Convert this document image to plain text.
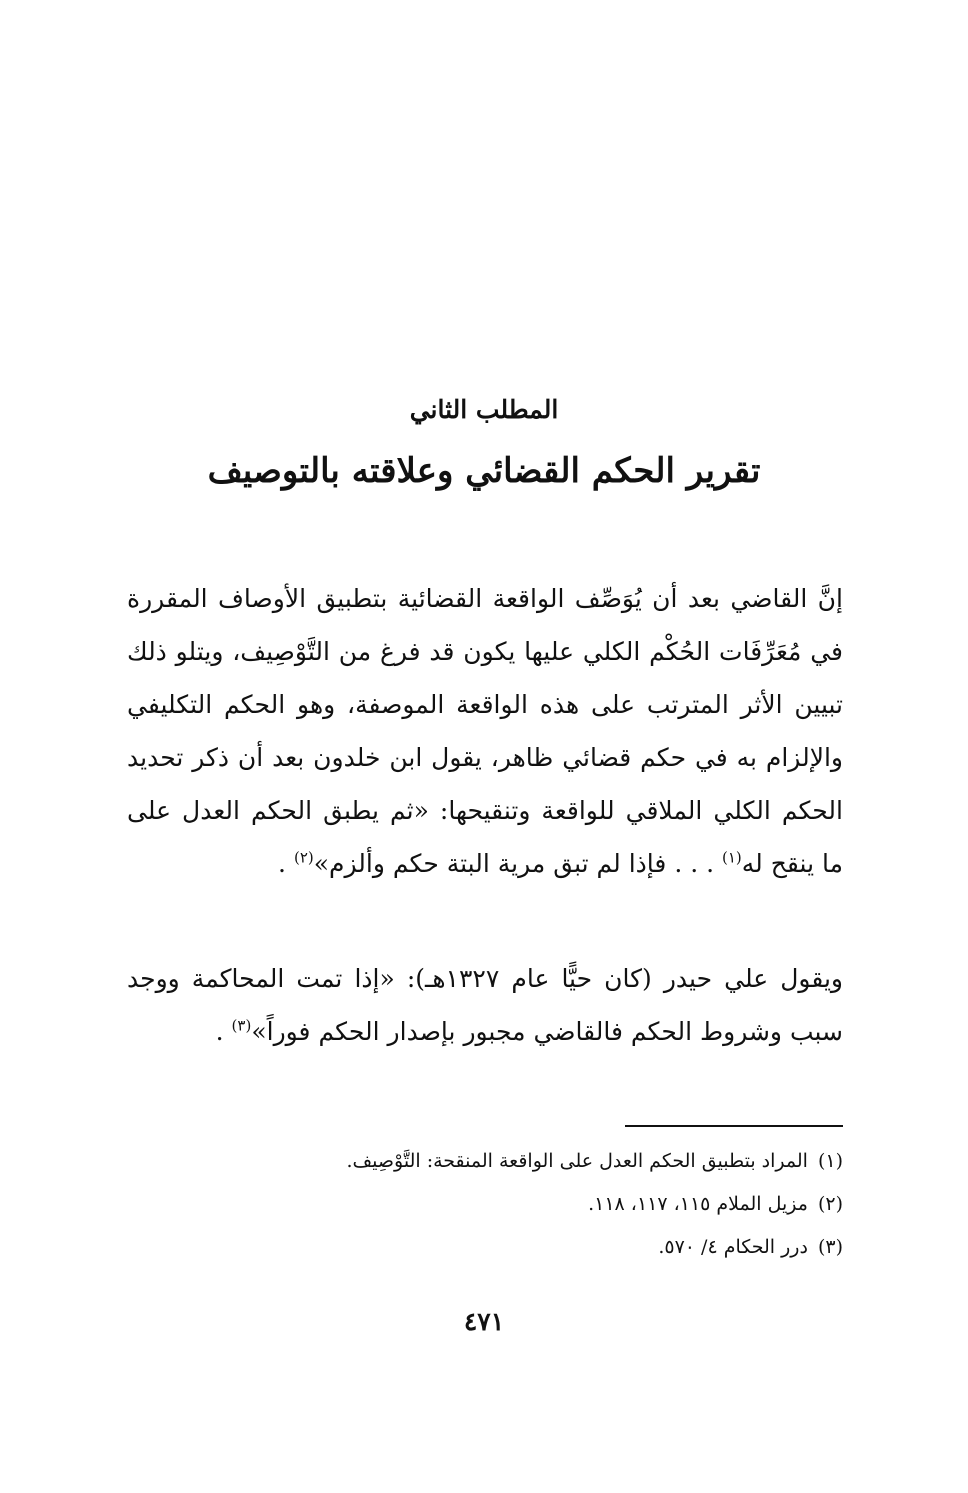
المطلب الثاني
تقرير الحكم القضائي وعلاقته بالتوصيف

إنَّ القاضي بعد أن يُوَصِّف الواقعة القضائية بتطبيق الأوصاف المقررة في مُعَرِّفَات الحُكْم الكلي عليها يكون قد فرغ من التَّوْصِيف، ويتلو ذلك تبيين الأثر المترتب على هذه الواقعة الموصفة، وهو الحكم التكليفي والإلزام به في حكم قضائي ظاهر، يقول ابن خلدون بعد أن ذكر تحديد الحكم الكلي الملاقي للواقعة وتنقيحها: «ثم يطبق الحكم العدل على ما ينقح له$^{(١)}$ . . . فإذا لم تبق مرية البتة حكم وألزم»$^{(٢)}$ .

ويقول علي حيدر (كان حيًّا عام ١٣٢٧هـ): «إذا تمت المحاكمة ووجد سبب وشروط الحكم فالقاضي مجبور بإصدار الحكم فوراً»$^{(٣)}$ .

(١)المراد بتطبيق الحكم العدل على الواقعة المنقحة: التَّوْصِيف.
(٢)مزيل الملام ١١٥، ١١٧، ١١٨.
(٣)درر الحكام ٤/ ٥٧٠.
٤٧١
